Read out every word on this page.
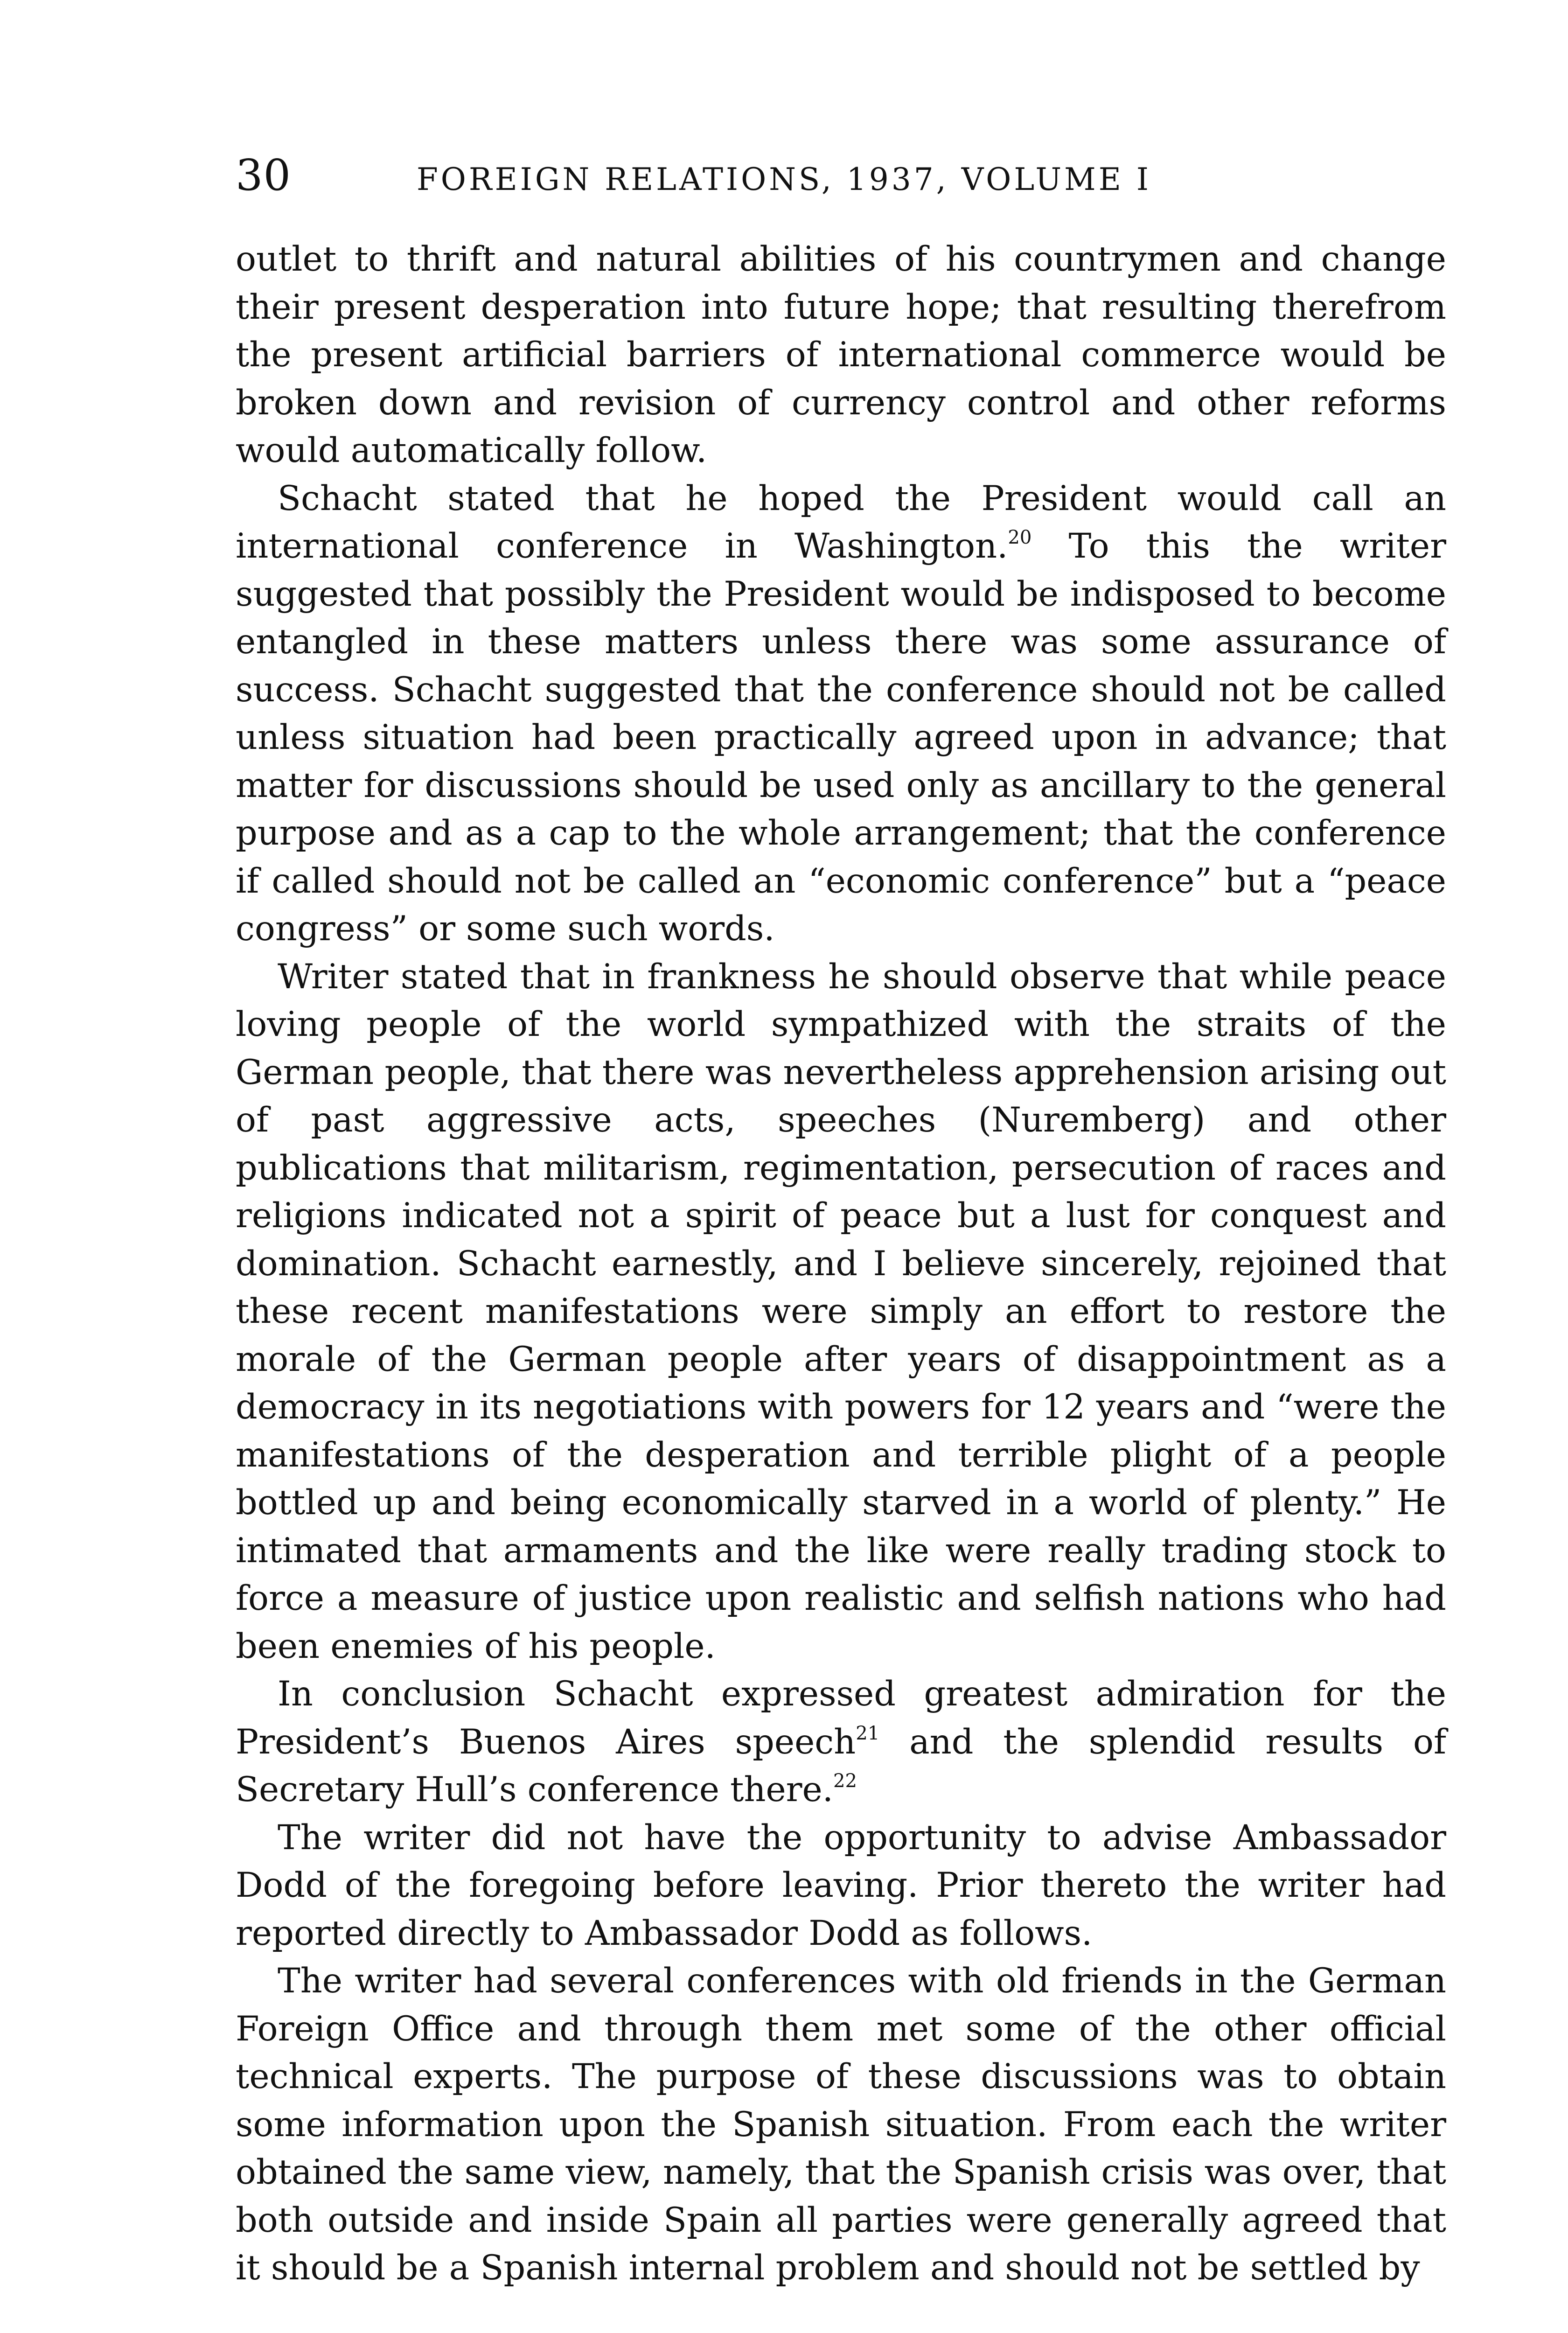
30	FOREIGN RELATIONS, 1937, VOLUME I

outlet to thrift and natural abilities of his countrymen and change their present desperation into future hope; that resulting therefrom the present artificial barriers of international commerce would be broken down and revision of currency control and other reforms would automatically follow.

Schacht stated that he hoped the President would call an international conference in Washington.$^{20}$ To this the writer suggested that possibly the President would be indisposed to become entangled in these matters unless there was some assurance of success. Schacht suggested that the conference should not be called unless situation had been practically agreed upon in advance; that matter for discussions should be used only as ancillary to the general purpose and as a cap to the whole arrangement; that the conference if called should not be called an “economic conference” but a “peace congress” or some such words.

Writer stated that in frankness he should observe that while peace loving people of the world sympathized with the straits of the German people, that there was nevertheless apprehension arising out of past aggressive acts, speeches (Nuremberg) and other publications that militarism, regimentation, persecution of races and religions indicated not a spirit of peace but a lust for conquest and domination. Schacht earnestly, and I believe sincerely, rejoined that these recent manifestations were simply an effort to restore the morale of the German people after years of disappointment as a democracy in its negotiations with powers for 12 years and “were the manifestations of the desperation and terrible plight of a people bottled up and being economically starved in a world of plenty.” He intimated that armaments and the like were really trading stock to force a measure of justice upon realistic and selfish nations who had been enemies of his people.

In conclusion Schacht expressed greatest admiration for the President’s Buenos Aires speech$^{21}$ and the splendid results of Secretary Hull’s conference there.$^{22}$

The writer did not have the opportunity to advise Ambassador Dodd of the foregoing before leaving. Prior thereto the writer had reported directly to Ambassador Dodd as follows.

The writer had several conferences with old friends in the German Foreign Office and through them met some of the other official technical experts. The purpose of these discussions was to obtain some information upon the Spanish situation. From each the writer obtained the same view, namely, that the Spanish crisis was over, that both outside and inside Spain all parties were generally agreed that it should be a Spanish internal problem and should not be settled by
